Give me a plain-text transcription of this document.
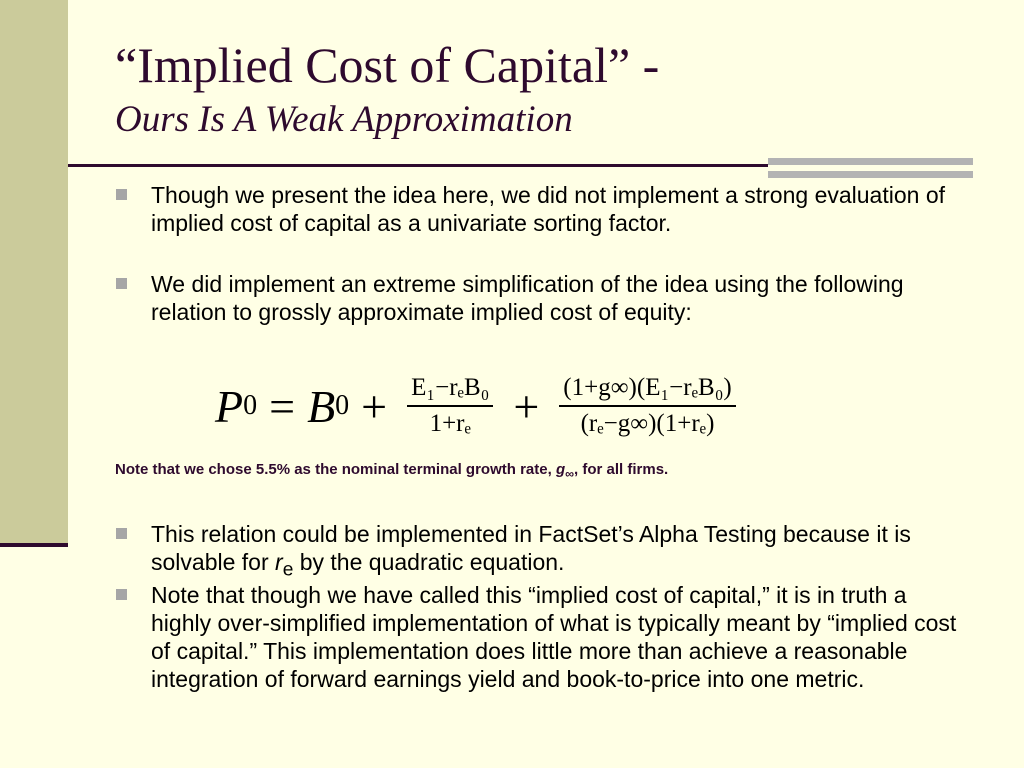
“Implied Cost of Capital” -
Ours Is A Weak Approximation

Though we present the idea here, we did not implement a strong evaluation of implied cost of capital as a univariate sorting factor.

We did implement an extreme simplification of the idea using the following relation to grossly approximate implied cost of equity:

P 0 = B $0 + \frac{\text{E₁−rₑB₀}}{\text{1+rₑ}} + \frac{\text{(1+g∞)(E₁−rₑB₀)}}{\text{(rₑ−g∞)(1+rₑ)}}$

Note that we chose 5.5% as the nominal terminal growth rate, $g_\infty$, for all firms.

This relation could be implemented in FactSet’s Alpha Testing because it is solvable for $r_e$ by the quadratic equation.

Note that though we have called this “implied cost of capital,” it is in truth a highly over-simplified implementation of what is typically meant by “implied cost of capital.” This implementation does little more than achieve a reasonable integration of forward earnings yield and book-to-price into one metric.
